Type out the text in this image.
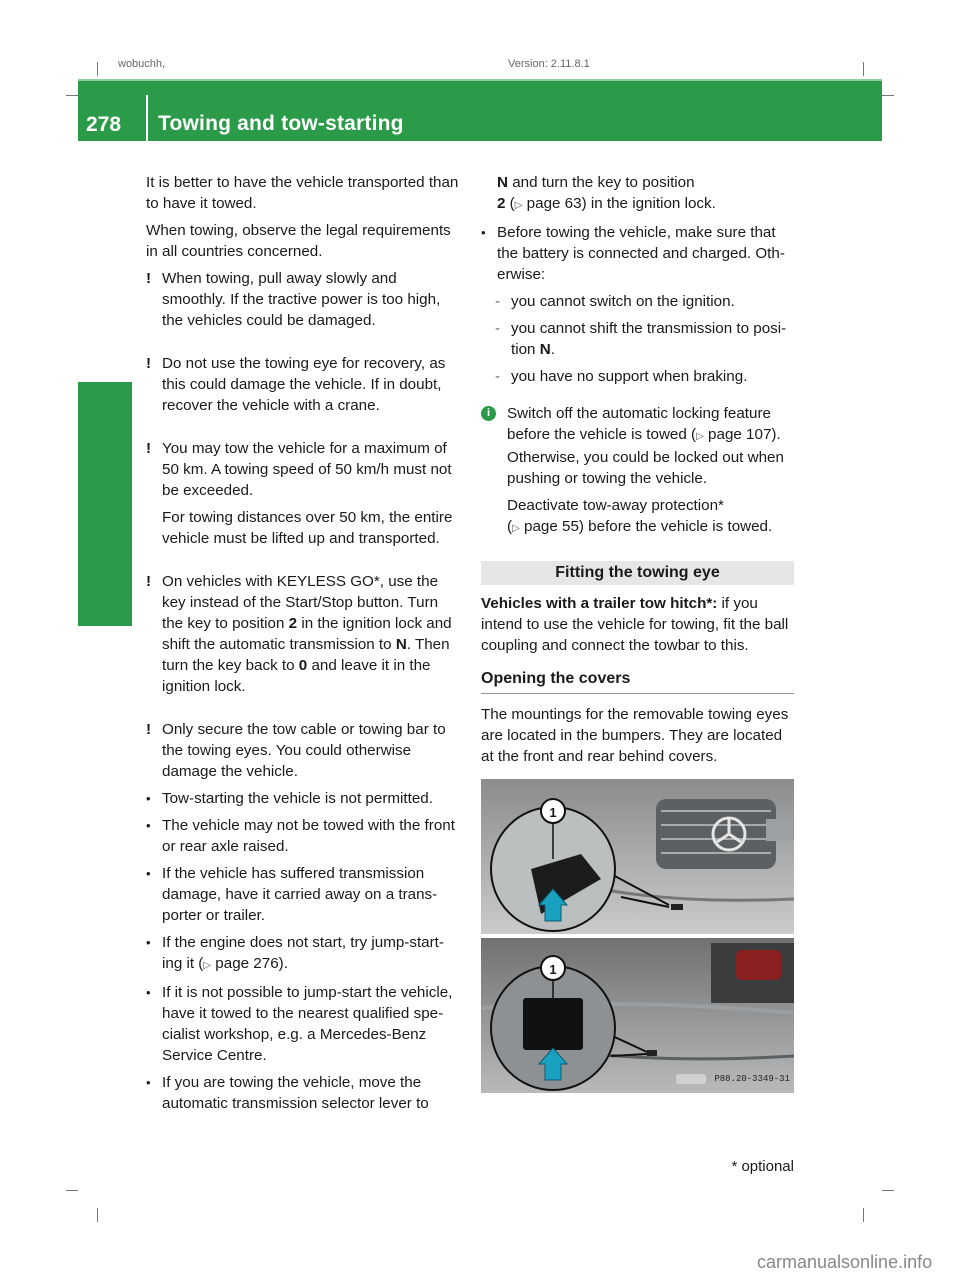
wobuchh,	Version: 2.11.8.1
278 Towing and tow-starting
Practical advice

It is better to have the vehicle transported than to have it towed.

When towing, observe the legal requirements in all countries concerned.

! When towing, pull away slowly and smoothly. If the tractive power is too high, the vehicles could be damaged.
! Do not use the towing eye for recovery, as this could damage the vehicle. If in doubt, recover the vehicle with a crane.
! You may tow the vehicle for a maximum of 50 km. A towing speed of 50 km/h must not be exceeded.
For towing distances over 50 km, the entire vehicle must be lifted up and transported.
! On vehicles with KEYLESS GO*, use the key instead of the Start/Stop button. Turn the key to position 2 in the ignition lock and shift the automatic transmission to N. Then turn the key back to 0 and leave it in the ignition lock.
! Only secure the tow cable or towing bar to the towing eyes. You could otherwise damage the vehicle.
• Tow-starting the vehicle is not permitted.
• The vehicle may not be towed with the front or rear axle raised.
• If the vehicle has suffered transmission damage, have it carried away on a trans-porter or trailer.
• If the engine does not start, try jump-start-ing it (▷ page 276).
• If it is not possible to jump-start the vehicle, have it towed to the nearest qualified spe-cialist workshop, e.g. a Mercedes-Benz Service Centre.
• If you are towing the vehicle, move the automatic transmission selector lever to
N and turn the key to position
2 (▷ page 63) in the ignition lock.
• Before towing the vehicle, make sure that the battery is connected and charged. Oth-erwise:
- you cannot switch on the ignition.
- you cannot shift the transmission to posi-tion N.
- you have no support when braking.
i	Switch off the automatic locking feature before the vehicle is towed (▷ page 107). Otherwise, you could be locked out when pushing or towing the vehicle.
Deactivate tow-away protection*
(▷ page 55) before the vehicle is towed.
Fitting the towing eye

Vehicles with a trailer tow hitch*: if you intend to use the vehicle for towing, fit the ball coupling and connect the towbar to this.

Opening the covers

The mountings for the removable towing eyes are located in the bumpers. They are located at the front and rear behind covers.

1
1
P88.20-3349-31
* optional
carmanualsonline.info
